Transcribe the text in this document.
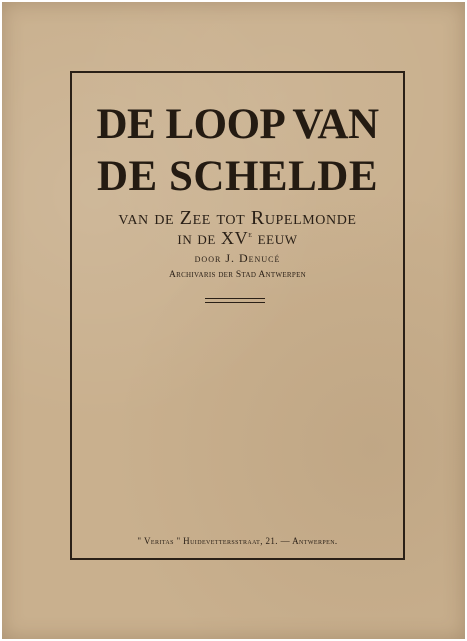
DE LOOP VAN
DE SCHELDE
van de Zee tot Rupelmonde
in de XVe eeuw
door J. Denucé
Archivaris der Stad Antwerpen
" Veritas " Huidevettersstraat, 21. — Antwerpen.
